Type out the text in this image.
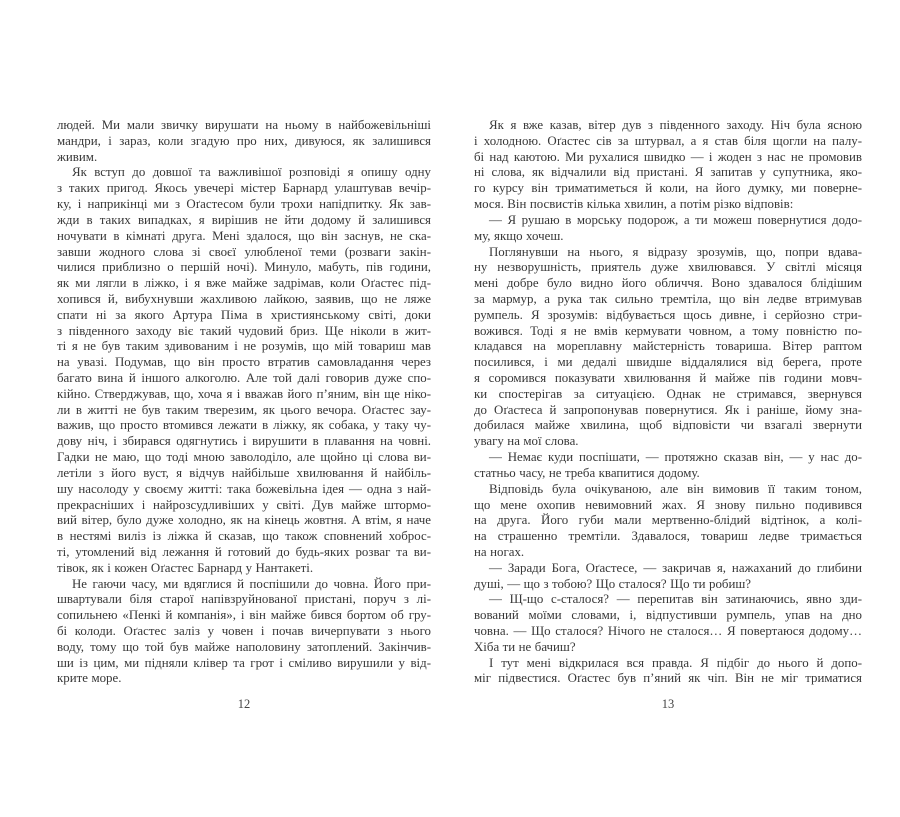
людей. Ми мали звичку вирушати на ньому в найбожевільніші
мандри, і зараз, коли згадую про них, дивуюся, як залишився
живим.
Як вступ до довшої та важливішої розповіді я опишу одну
з таких пригод. Якось увечері містер Барнард улаштував вечір-
ку, і наприкінці ми з Оґастесом були трохи напідпитку. Як зав-
жди в таких випадках, я вирішив не йти додому й залишився
ночувати в кімнаті друга. Мені здалося, що він заснув, не ска-
завши жодного слова зі своєї улюбленої теми (розваги закін-
чилися приблизно о першій ночі). Минуло, мабуть, пів години,
як ми лягли в ліжко, і я вже майже задрімав, коли Оґастес під-
хопився й, вибухнувши жахливою лайкою, заявив, що не ляже
спати ні за якого Артура Піма в християнському світі, доки
з південного заходу віє такий чудовий бриз. Ще ніколи в жит-
ті я не був таким здивованим і не розумів, що мій товариш мав
на увазі. Подумав, що він просто втратив самовладання через
багато вина й іншого алкоголю. Але той далі говорив дуже спо-
кійно. Стверджував, що, хоча я і вважав його п’яним, він ще ніко-
ли в житті не був таким тверезим, як цього вечора. Оґастес зау-
важив, що просто втомився лежати в ліжку, як собака, у таку чу-
дову ніч, і збирався одягнутись і вирушити в плавання на човні.
Гадки не маю, що тоді мною заволоділо, але щойно ці слова ви-
летіли з його вуст, я відчув найбільше хвилювання й найбіль-
шу насолоду у своєму житті: така божевільна ідея — одна з най-
прекрасніших і найрозсудливіших у світі. Дув майже штормо-
вий вітер, було дуже холодно, як на кінець жовтня. А втім, я наче
в нестямі виліз із ліжка й сказав, що також сповнений хоброс-
ті, утомлений від лежання й готовий до будь-яких розваг та ви-
тівок, як і кожен Оґастес Барнард у Нантакеті.
Не гаючи часу, ми вдяглися й поспішили до човна. Його при-
швартували біля старої напівзруйнованої пристані, поруч з лі-
сопильнею «Пенкі й компанія», і він майже бився бортом об гру-
бі колоди. Оґастес заліз у човен і почав вичерпувати з нього
воду, тому що той був майже наполовину затоплений. Закінчив-
ши із цим, ми підняли клівер та грот і сміливо вирушили у від-
крите море.
12
Як я вже казав, вітер дув з південного заходу. Ніч була ясною
і холодною. Оґастес сів за штурвал, а я став біля щогли на палу-
бі над каютою. Ми рухалися швидко — і жоден з нас не промовив
ні слова, як відчалили від пристані. Я запитав у супутника, яко-
го курсу він триматиметься й коли, на його думку, ми поверне-
мося. Він посвистів кілька хвилин, а потім різко відповів:
— Я рушаю в морську подорож, а ти можеш повернутися додо-
му, якщо хочеш.
Поглянувши на нього, я відразу зрозумів, що, попри вдава-
ну незворушність, приятель дуже хвилювався. У світлі місяця
мені добре було видно його обличчя. Воно здавалося блідішим
за мармур, а рука так сильно тремтіла, що він ледве втримував
румпель. Я зрозумів: відбувається щось дивне, і серйозно стри-
вожився. Тоді я не вмів кермувати човном, а тому повністю по-
кладався на мореплавну майстерність товариша. Вітер раптом
посилився, і ми дедалі швидше віддалялися від берега, проте
я соромився показувати хвилювання й майже пів години мовч-
ки спостерігав за ситуацією. Однак не стримався, звернувся
до Оґастеса й запропонував повернутися. Як і раніше, йому зна-
добилася майже хвилина, щоб відповісти чи взагалі звернути
увагу на мої слова.
— Немає куди поспішати, — протяжно сказав він, — у нас до-
статньо часу, не треба квапитися додому.
Відповідь була очікуваною, але він вимовив її таким тоном,
що мене охопив невимовний жах. Я знову пильно подивився
на друга. Його губи мали мертвенно-блідий відтінок, а колі-
на страшенно тремтіли. Здавалося, товариш ледве тримається
на ногах.
— Заради Бога, Оґастесе, — закричав я, нажаханий до глибини
душі, — що з тобою? Що сталося? Що ти робиш?
— Щ-що с-сталося? — перепитав він затинаючись, явно зди-
вований моїми словами, і, відпустивши румпель, упав на дно
човна. — Що сталося? Нічого не сталося… Я повертаюся додому…
Хіба ти не бачиш?
І тут мені відкрилася вся правда. Я підбіг до нього й допо-
міг підвестися. Оґастес був п’яний як чіп. Він не міг триматися
13
